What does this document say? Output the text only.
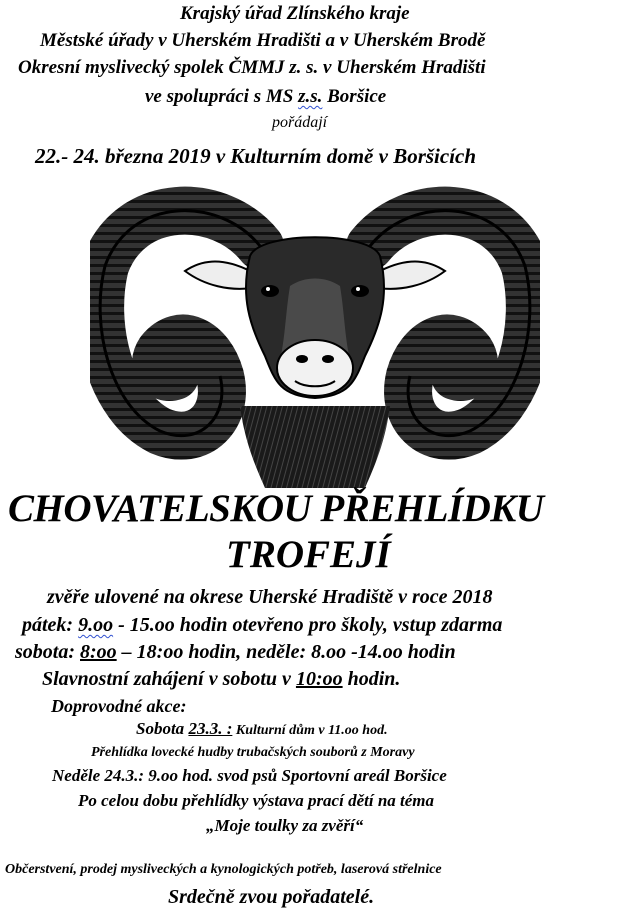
Krajský úřad Zlínského kraje
Městské úřady v Uherském Hradišti a v Uherském Brodě
Okresní myslivecký spolek ČMMJ z. s. v Uherském Hradišti
ve spolupráci s MS z.s. Boršice
pořádají
22.- 24. března 2019 v Kulturním domě v Boršicích
CHOVATELSKOU PŘEHLÍDKU
TROFEJÍ
zvěře ulovené na okrese Uherské Hradiště v roce 2018
pátek: 9.oo - 15.oo hodin otevřeno pro školy, vstup zdarma
sobota: 8:oo – 18:oo hodin, neděle: 8.oo -14.oo hodin
Slavnostní zahájení v sobotu v 10:oo hodin.
Doprovodné akce:
Sobota 23.3. : Kulturní dům v 11.oo hod.
Přehlídka lovecké hudby trubačských souborů z Moravy
Neděle 24.3.: 9.oo hod. svod psů Sportovní areál Boršice
Po celou dobu přehlídky výstava prací dětí na téma
„Moje toulky za zvěří“
Občerstvení, prodej mysliveckých a kynologických potřeb, laserová střelnice
Srdečně zvou pořadatelé.
